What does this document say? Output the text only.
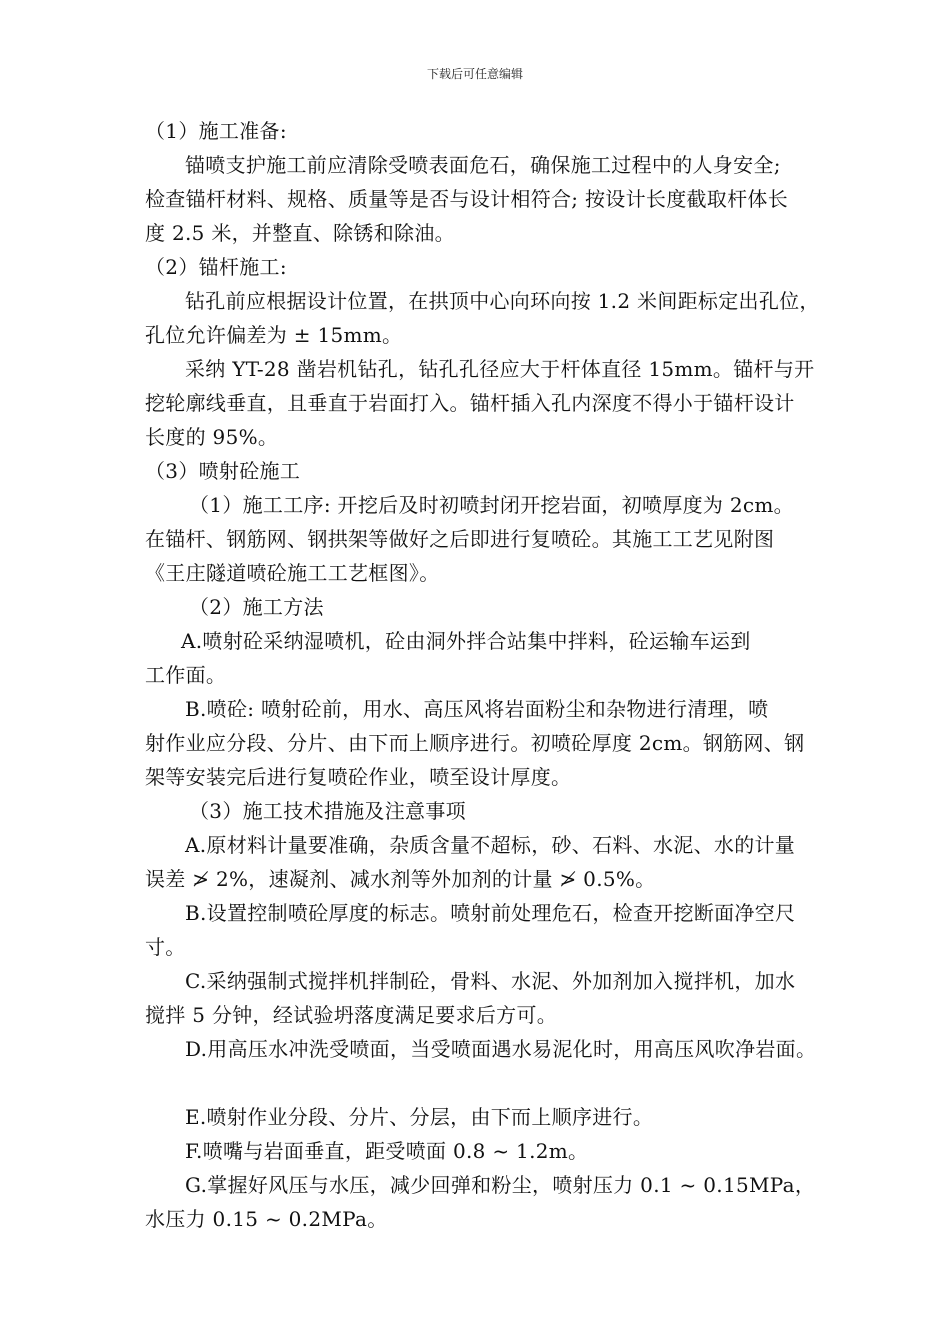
下载后可任意编辑

（1）施工准备:

锚喷支护施工前应清除受喷表面危石，确保施工过程中的人身安全;

检查锚杆材料、规格、质量等是否与设计相符合; 按设计长度截取杆体长

度 2.5 米，并整直、除锈和除油。

（2）锚杆施工:

钻孔前应根据设计位置，在拱顶中心向环向按 1.2 米间距标定出孔位，

孔位允许偏差为 ± 15mm。

采纳 YT-28 凿岩机钻孔，钻孔孔径应大于杆体直径 15mm。锚杆与开

挖轮廓线垂直，且垂直于岩面打入。锚杆插入孔内深度不得小于锚杆设计

长度的 95%。

（3）喷射砼施工

（1）施工工序: 开挖后及时初喷封闭开挖岩面，初喷厚度为 2cm。

在锚杆、钢筋网、钢拱架等做好之后即进行复喷砼。其施工工艺见附图

《王庄隧道喷砼施工工艺框图》。

（2）施工方法

A.喷射砼采纳湿喷机，砼由洞外拌合站集中拌料，砼运输车运到

工作面。

B.喷砼: 喷射砼前，用水、高压风将岩面粉尘和杂物进行清理，喷

射作业应分段、分片、由下而上顺序进行。初喷砼厚度 2cm。钢筋网、钢

架等安装完后进行复喷砼作业，喷至设计厚度。

（3）施工技术措施及注意事项

A.原材料计量要准确，杂质含量不超标，砂、石料、水泥、水的计量

误差 ≯ 2%，速凝剂、减水剂等外加剂的计量 ≯ 0.5%。

B.设置控制喷砼厚度的标志。喷射前处理危石，检查开挖断面净空尺

寸。

C.采纳强制式搅拌机拌制砼，骨料、水泥、外加剂加入搅拌机，加水

搅拌 5 分钟，经试验坍落度满足要求后方可。

D.用高压水冲洗受喷面，当受喷面遇水易泥化时，用高压风吹净岩面。

E.喷射作业分段、分片、分层，由下而上顺序进行。

F.喷嘴与岩面垂直，距受喷面 0.8 ~ 1.2m。

G.掌握好风压与水压，减少回弹和粉尘，喷射压力 0.1 ~ 0.15MPa，

水压力 0.15 ~ 0.2MPa。
